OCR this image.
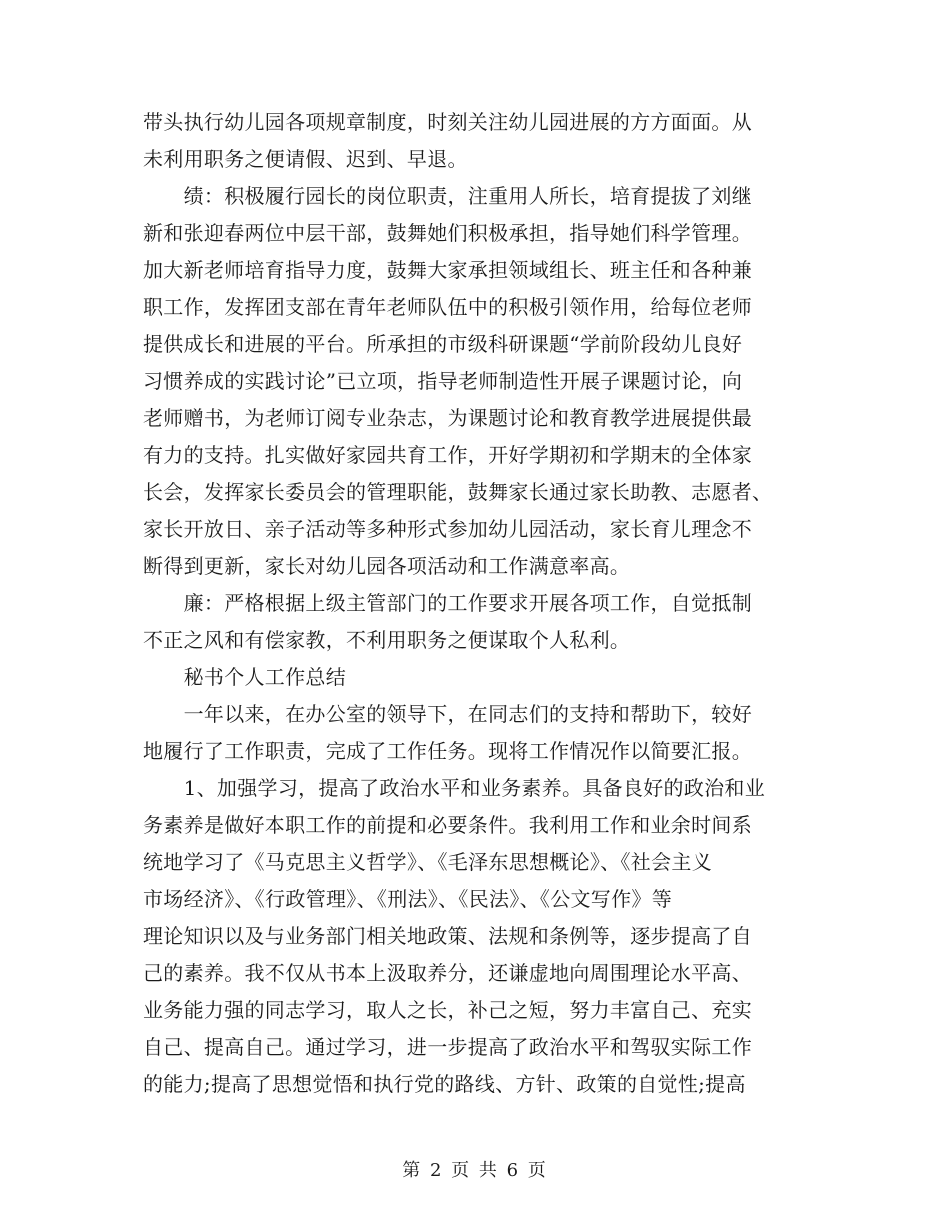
带头执行幼儿园各项规章制度，时刻关注幼儿园进展的方方面面。从
未利用职务之便请假、迟到、早退。
　　绩：积极履行园长的岗位职责，注重用人所长，培育提拔了刘继
新和张迎春两位中层干部，鼓舞她们积极承担，指导她们科学管理。
加大新老师培育指导力度，鼓舞大家承担领域组长、班主任和各种兼
职工作，发挥团支部在青年老师队伍中的积极引领作用，给每位老师
提供成长和进展的平台。所承担的市级科研课题“学前阶段幼儿良好
习惯养成的实践讨论”已立项，指导老师制造性开展子课题讨论，向
老师赠书，为老师订阅专业杂志，为课题讨论和教育教学进展提供最
有力的支持。扎实做好家园共育工作，开好学期初和学期末的全体家
长会，发挥家长委员会的管理职能，鼓舞家长通过家长助教、志愿者、
家长开放日、亲子活动等多种形式参加幼儿园活动，家长育儿理念不
断得到更新，家长对幼儿园各项活动和工作满意率高。
　　廉：严格根据上级主管部门的工作要求开展各项工作，自觉抵制
不正之风和有偿家教，不利用职务之便谋取个人私利。
　　秘书个人工作总结
　　一年以来，在办公室的领导下，在同志们的支持和帮助下，较好
地履行了工作职责，完成了工作任务。现将工作情况作以简要汇报。
　　1、加强学习，提高了政治水平和业务素养。具备良好的政治和业
务素养是做好本职工作的前提和必要条件。我利用工作和业余时间系
统地学习了《马克思主义哲学》、《毛泽东思想概论》、《社会主义
市场经济》、《行政管理》、《刑法》、《民法》、《公文写作》等
理论知识以及与业务部门相关地政策、法规和条例等，逐步提高了自
己的素养。我不仅从书本上汲取养分，还谦虚地向周围理论水平高、
业务能力强的同志学习，取人之长，补己之短，努力丰富自己、充实
自己、提高自己。通过学习，进一步提高了政治水平和驾驭实际工作
的能力;提高了思想觉悟和执行党的路线、方针、政策的自觉性;提高
第 2 页 共 6 页
